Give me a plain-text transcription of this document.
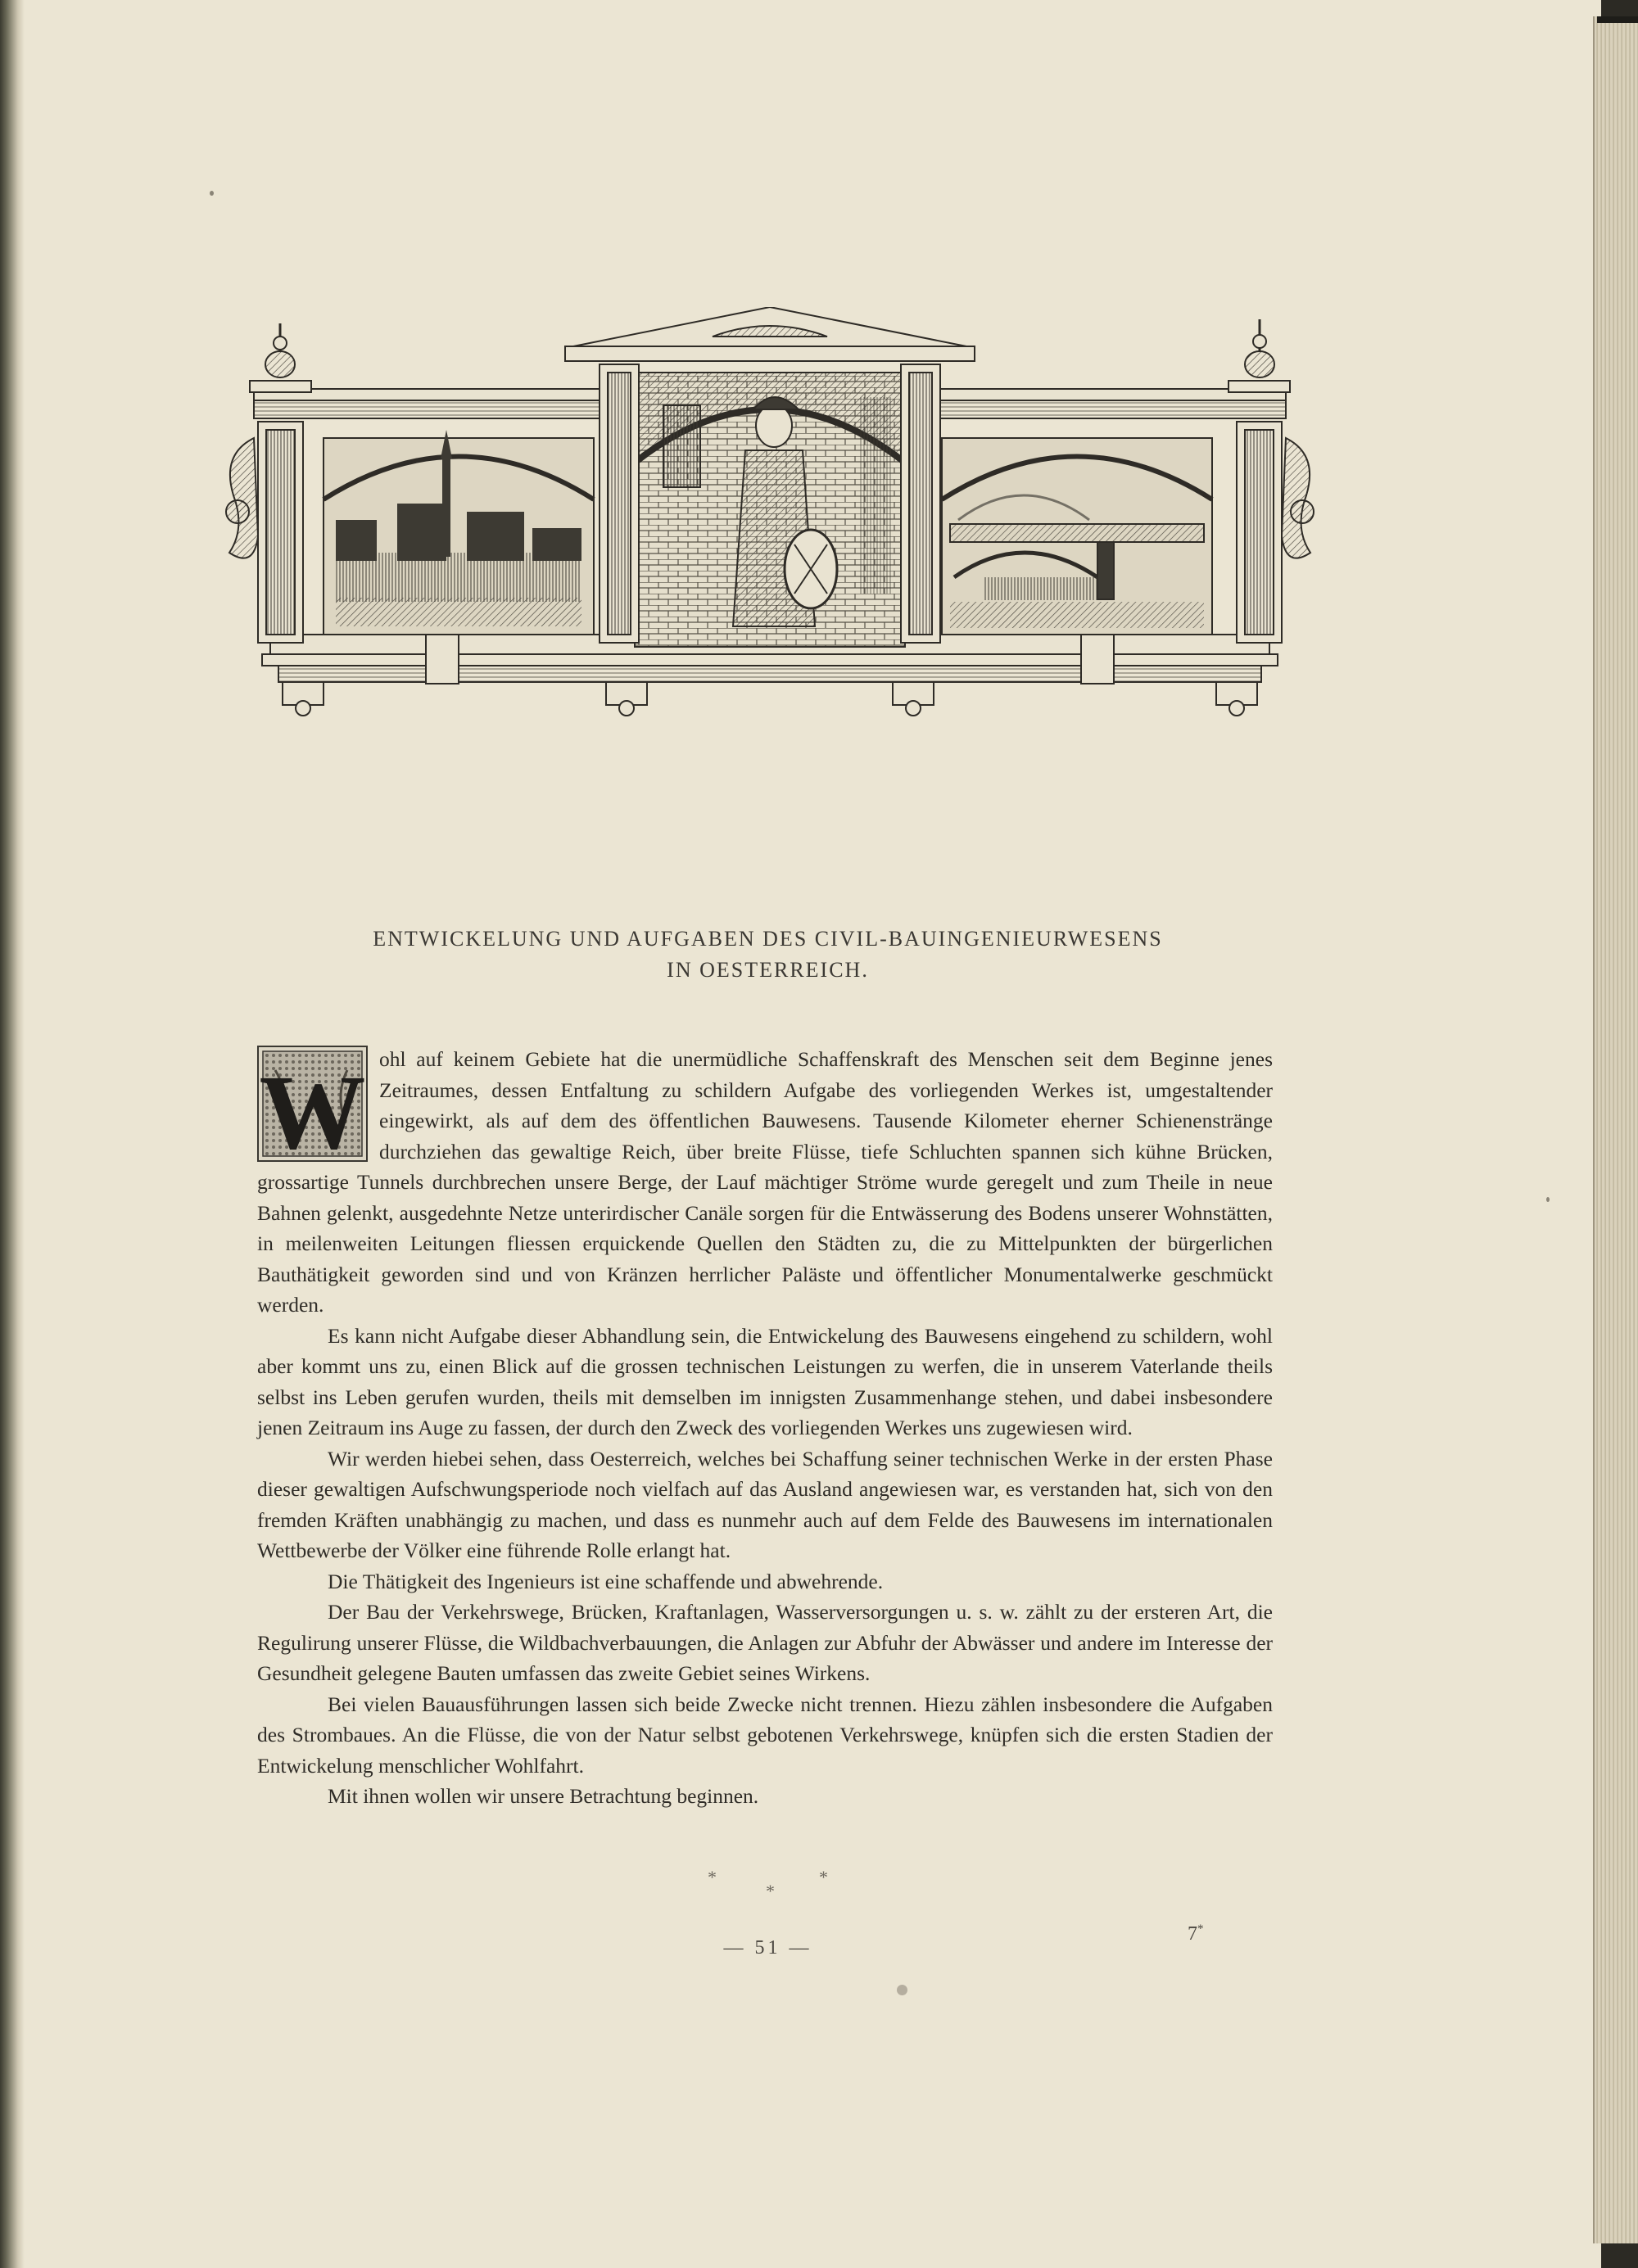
ENTWICKELUNG UND AUFGABEN DES CIVIL-BAUINGENIEURWESENS
IN OESTERREICH.
W ohl auf keinem Gebiete hat die unermüdliche Schaffenskraft des Menschen seit dem Beginne jenes Zeitraumes, dessen Entfaltung zu schildern Aufgabe des vorliegenden Werkes ist, umgestaltender eingewirkt, als auf dem des öffentlichen Bauwesens. Tausende Kilometer eherner Schienenstränge durchziehen das gewaltige Reich, über breite Flüsse, tiefe Schluchten spannen sich kühne Brücken, grossartige Tunnels durchbrechen unsere Berge, der Lauf mächtiger Ströme wurde geregelt und zum Theile in neue Bahnen gelenkt, ausgedehnte Netze unterirdischer Canäle sorgen für die Entwässerung des Bodens unserer Wohnstätten, in meilenweiten Leitungen fliessen erquickende Quellen den Städten zu, die zu Mittelpunkten der bürgerlichen Bauthätigkeit geworden sind und von Kränzen herrlicher Paläste und öffentlicher Monumentalwerke geschmückt werden.

Es kann nicht Aufgabe dieser Abhandlung sein, die Entwickelung des Bauwesens eingehend zu schildern, wohl aber kommt uns zu, einen Blick auf die grossen technischen Leistungen zu werfen, die in unserem Vaterlande theils selbst ins Leben gerufen wurden, theils mit demselben im innigsten Zusammenhange stehen, und dabei insbesondere jenen Zeitraum ins Auge zu fassen, der durch den Zweck des vorliegenden Werkes uns zugewiesen wird.

Wir werden hiebei sehen, dass Oesterreich, welches bei Schaffung seiner technischen Werke in der ersten Phase dieser gewaltigen Aufschwungsperiode noch vielfach auf das Ausland angewiesen war, es verstanden hat, sich von den fremden Kräften unabhängig zu machen, und dass es nunmehr auch auf dem Felde des Bauwesens im internationalen Wettbewerbe der Völker eine führende Rolle erlangt hat.

Die Thätigkeit des Ingenieurs ist eine schaffende und abwehrende.

Der Bau der Verkehrswege, Brücken, Kraftanlagen, Wasserversorgungen u. s. w. zählt zu der ersteren Art, die Regulirung unserer Flüsse, die Wildbachverbauungen, die Anlagen zur Abfuhr der Abwässer und andere im Interesse der Gesundheit gelegene Bauten umfassen das zweite Gebiet seines Wirkens.

Bei vielen Bauausführungen lassen sich beide Zwecke nicht trennen. Hiezu zählen insbesondere die Aufgaben des Strombaues. An die Flüsse, die von der Natur selbst gebotenen Verkehrswege, knüpfen sich die ersten Stadien der Entwickelung menschlicher Wohlfahrt.

Mit ihnen wollen wir unsere Betrachtung beginnen.

*
*
*
— 51 —
7*
